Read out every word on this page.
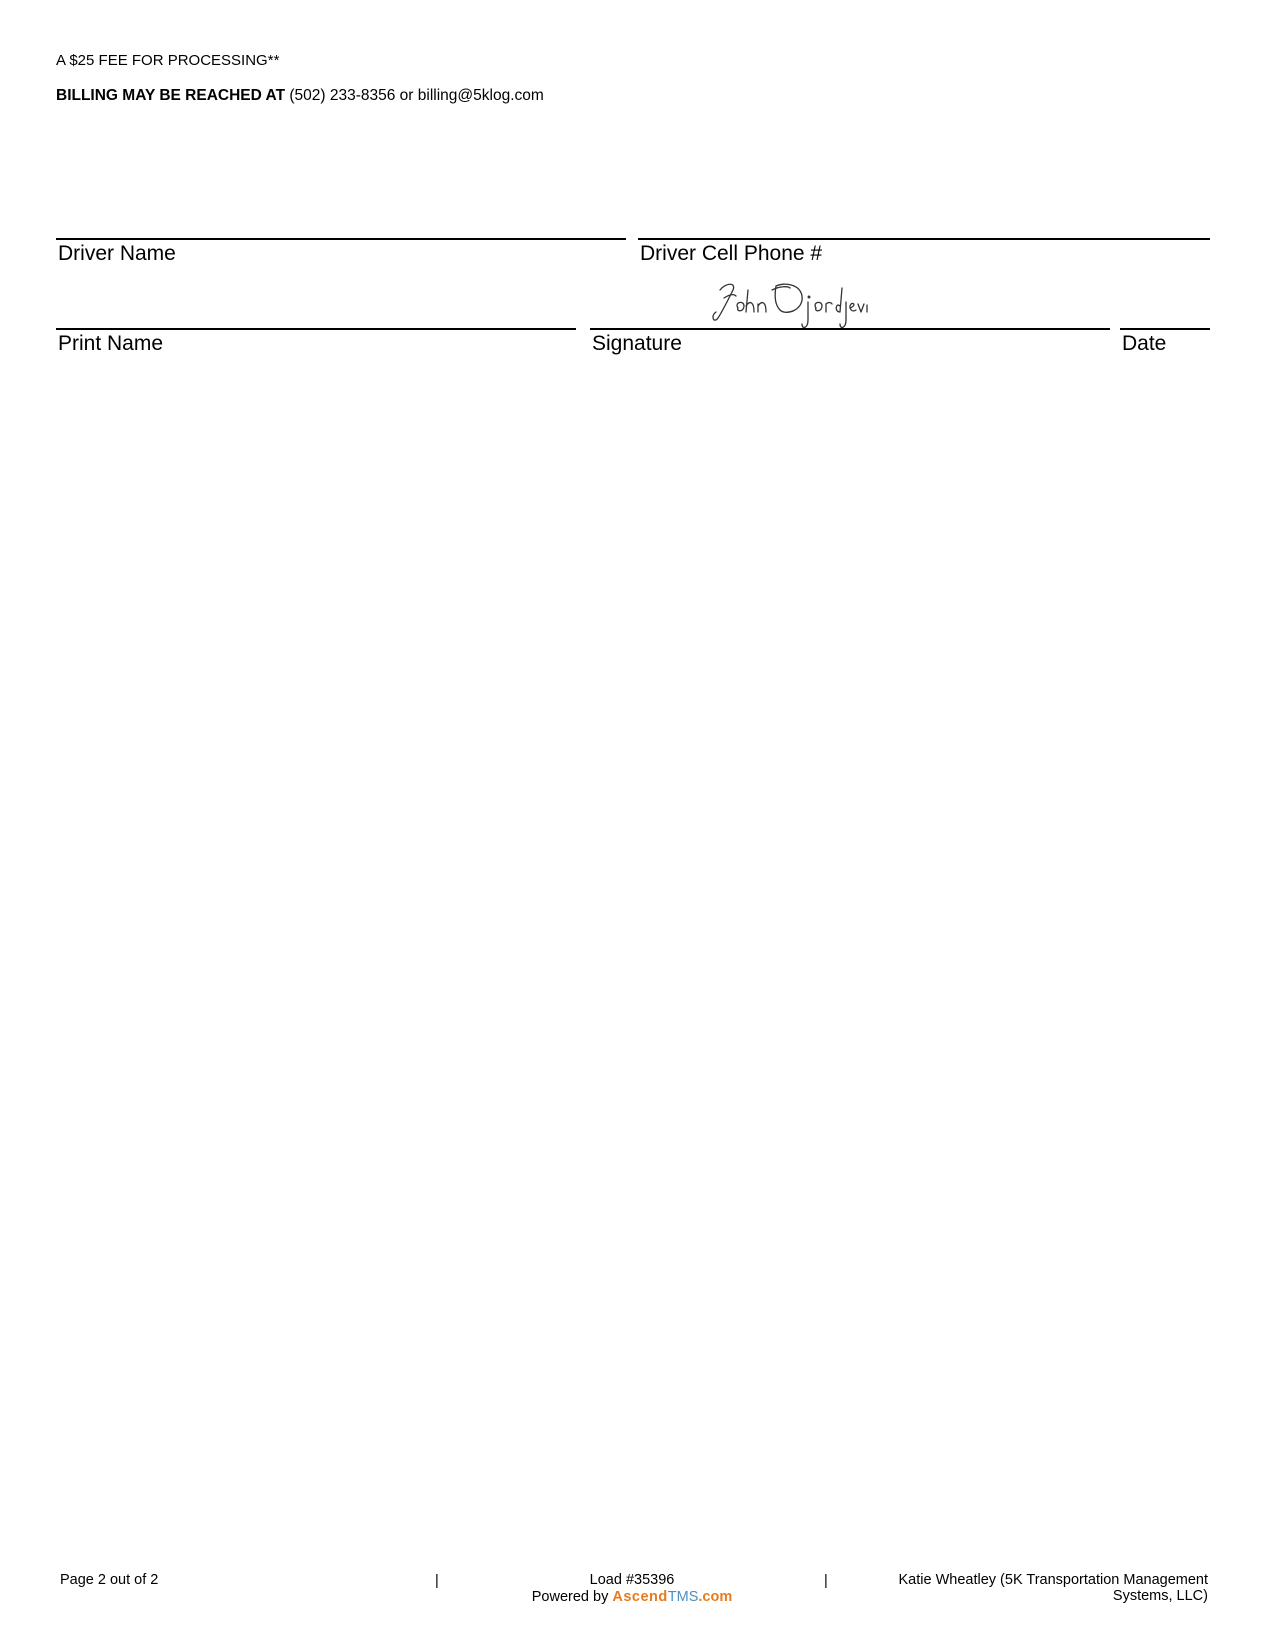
A $25 FEE FOR PROCESSING**
BILLING MAY BE REACHED AT (502) 233-8356 or billing@5klog.com
Driver Name	Driver Cell Phone #
Print Name	Signature	Date
Page 2 out of 2	|	Load #35396
Powered by AscendTMS.com
|	Katie Wheatley (5K Transportation Management
Systems, LLC)
